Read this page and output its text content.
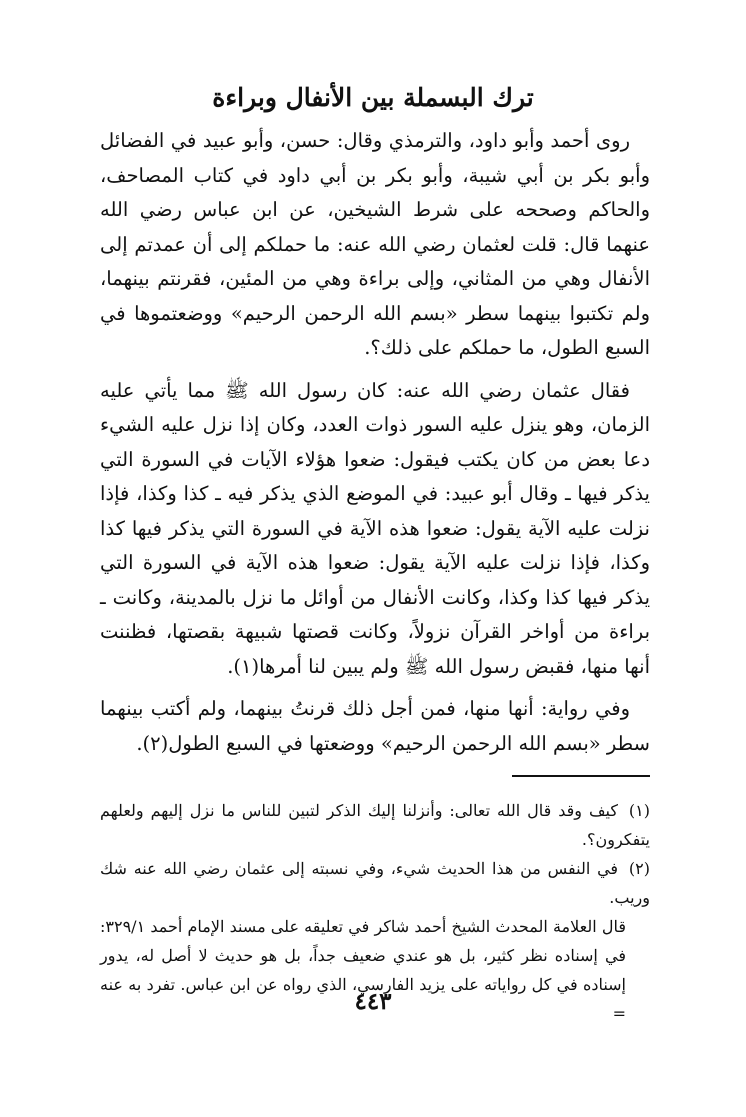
ترك البسملة بين الأنفال وبراءة

روى أحمد وأبو داود، والترمذي وقال: حسن، وأبو عبيد في الفضائل وأبو بكر بن أبي شيبة، وأبو بكر بن أبي داود في كتاب المصاحف، والحاكم وصححه على شرط الشيخين، عن ابن عباس رضي الله عنهما قال: قلت لعثمان رضي الله عنه: ما حملكم إلى أن عمدتم إلى الأنفال وهي من المثاني، وإلى براءة وهي من المئين، فقرنتم بينهما، ولم تكتبوا بينهما سطر «بسم الله الرحمن الرحيم» ووضعتموها في السبع الطول، ما حملكم على ذلك؟.

فقال عثمان رضي الله عنه: كان رسول الله ﷺ مما يأتي عليه الزمان، وهو ينزل عليه السور ذوات العدد، وكان إذا نزل عليه الشيء دعا بعض من كان يكتب فيقول: ضعوا هؤلاء الآيات في السورة التي يذكر فيها ـ وقال أبو عبيد: في الموضع الذي يذكر فيه ـ كذا وكذا، فإذا نزلت عليه الآية يقول: ضعوا هذه الآية في السورة التي يذكر فيها كذا وكذا، فإذا نزلت عليه الآية يقول: ضعوا هذه الآية في السورة التي يذكر فيها كذا وكذا، وكانت الأنفال من أوائل ما نزل بالمدينة، وكانت ـ براءة من أواخر القرآن نزولاً، وكانت قصتها شبيهة بقصتها، فظننت أنها منها، فقبض رسول الله ﷺ ولم يبين لنا أمرها(١).

وفي رواية: أنها منها، فمن أجل ذلك قرنتُ بينهما، ولم أكتب بينهما سطر «بسم الله الرحمن الرحيم» ووضعتها في السبع الطول(٢).

(١) كيف وقد قال الله تعالى: وأنزلنا إليك الذكر لتبين للناس ما نزل إليهم ولعلهم يتفكرون؟.

(٢) في النفس من هذا الحديث شيء، وفي نسبته إلى عثمان رضي الله عنه شك وريب.

قال العلامة المحدث الشيخ أحمد شاكر في تعليقه على مسند الإمام أحمد ٣٢٩/١: في إسناده نظر كثير، بل هو عندي ضعيف جداً، بل هو حديث لا أصل له، يدور إسناده في كل رواياته على يزيد الفارسي، الذي رواه عن ابن عباس. تفرد به عنه =

٤٤٣
